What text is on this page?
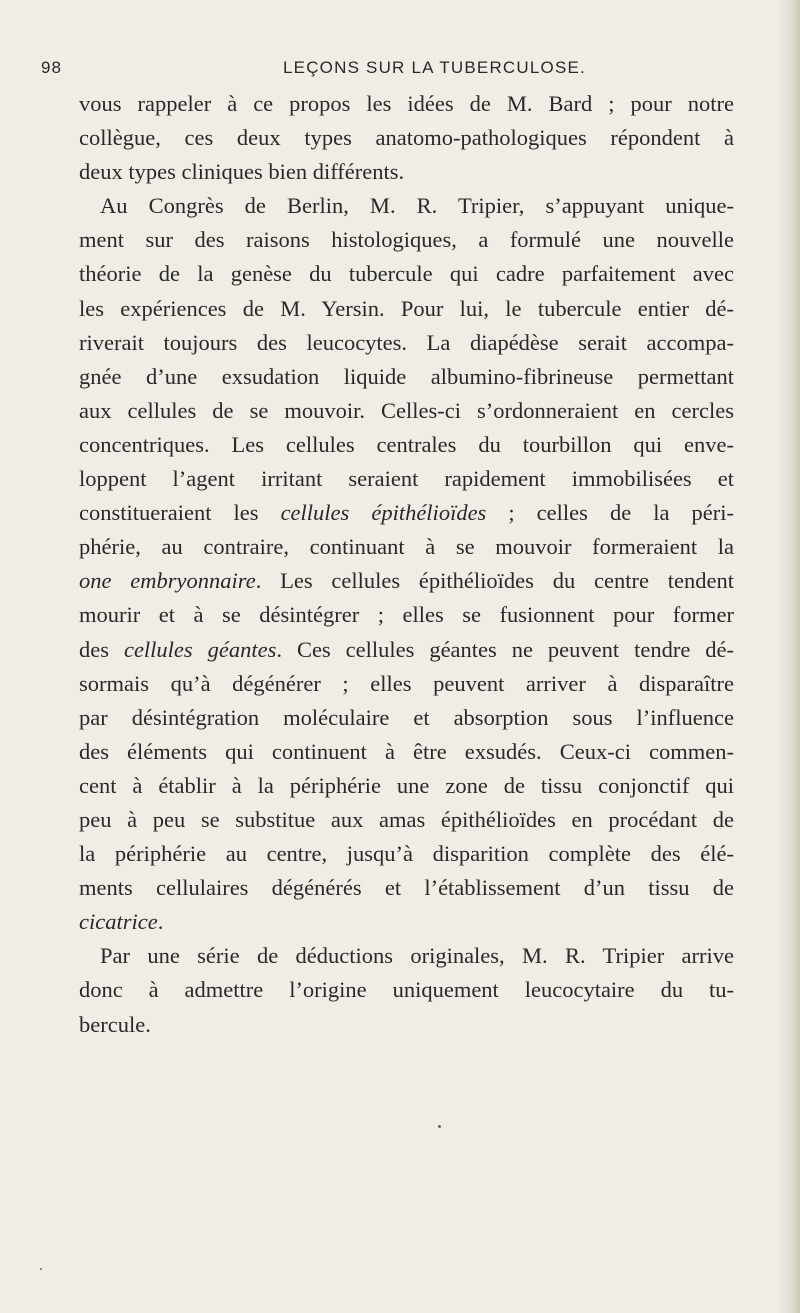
98	LEÇONS SUR LA TUBERCULOSE.
vous rappeler à ce propos les idées de M. Bard ; pour notre
collègue, ces deux types anatomo-pathologiques répondent à
deux types cliniques bien différents.
Au Congrès de Berlin, M. R. Tripier, s’appuyant unique-
ment sur des raisons histologiques, a formulé une nouvelle
théorie de la genèse du tubercule qui cadre parfaitement avec
les expériences de M. Yersin. Pour lui, le tubercule entier dé-
riverait toujours des leucocytes. La diapédèse serait accompa-
gnée d’une exsudation liquide albumino-fibrineuse permettant
aux cellules de se mouvoir. Celles-ci s’ordonneraient en cercles
concentriques. Les cellules centrales du tourbillon qui enve-
loppent l’agent irritant seraient rapidement immobilisées et
constitueraient les cellules épithélioïdes ; celles de la péri-
phérie, au contraire, continuant à se mouvoir formeraient la
one embryonnaire. Les cellules épithélioïdes du centre tendent
mourir et à se désintégrer ; elles se fusionnent pour former
des cellules géantes. Ces cellules géantes ne peuvent tendre dé-
sormais qu’à dégénérer ; elles peuvent arriver à disparaître
par désintégration moléculaire et absorption sous l’influence
des éléments qui continuent à être exsudés. Ceux-ci commen-
cent à établir à la périphérie une zone de tissu conjonctif qui
peu à peu se substitue aux amas épithélioïdes en procédant de
la périphérie au centre, jusqu’à disparition complète des élé-
ments cellulaires dégénérés et l’établissement d’un tissu de
cicatrice.
Par une série de déductions originales, M. R. Tripier arrive
donc à admettre l’origine uniquement leucocytaire du tu-
bercule.
